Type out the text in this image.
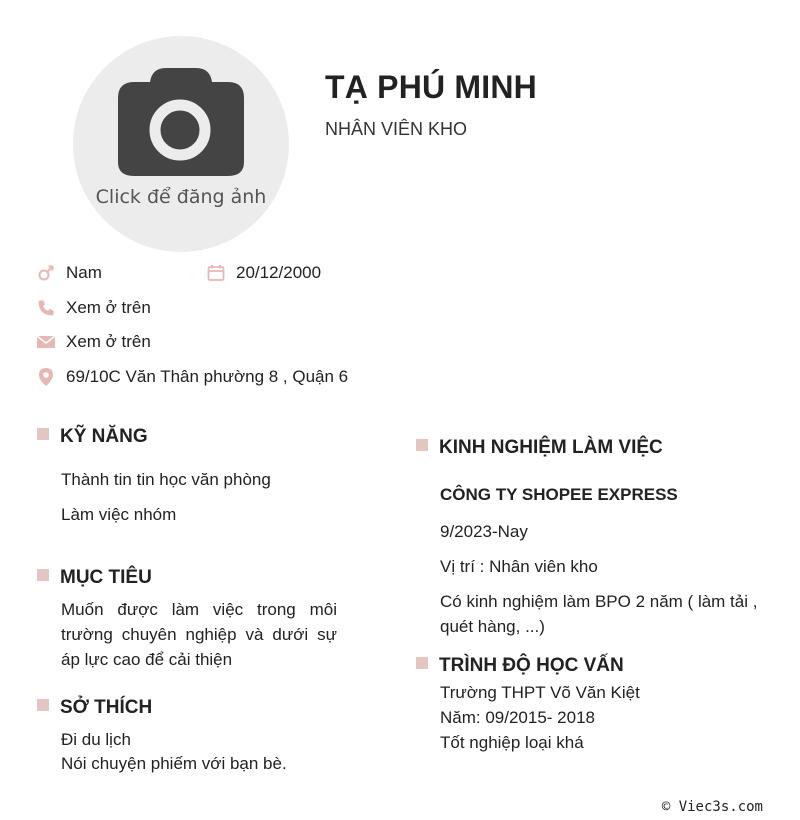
Click để đăng ảnh
TẠ PHÚ MINH
NHÂN VIÊN KHO
Nam	20/12/2000
Xem ở trên
Xem ở trên
69/10C Văn Thân phường 8 , Quận 6
KỸ NĂNG
Thành tin tin học văn phòng
Làm việc nhóm
MỤC TIÊU
Muốn được làm việc trong môi trường chuyên nghiệp và dưới sự áp lực cao để cải thiện
SỞ THÍCH
Đi du lịch
Nói chuyện phiếm với bạn bè.
KINH NGHIỆM LÀM VIỆC
CÔNG TY SHOPEE EXPRESS
9/2023-Nay
Vị trí : Nhân viên kho
Có kinh nghiệm làm BPO 2 năm ( làm tải , quét hàng, ...)
TRÌNH ĐỘ HỌC VẤN
Trường THPT Võ Văn Kiệt
Năm: 09/2015- 2018
Tốt nghiệp loại khá
© Viec3s.com
